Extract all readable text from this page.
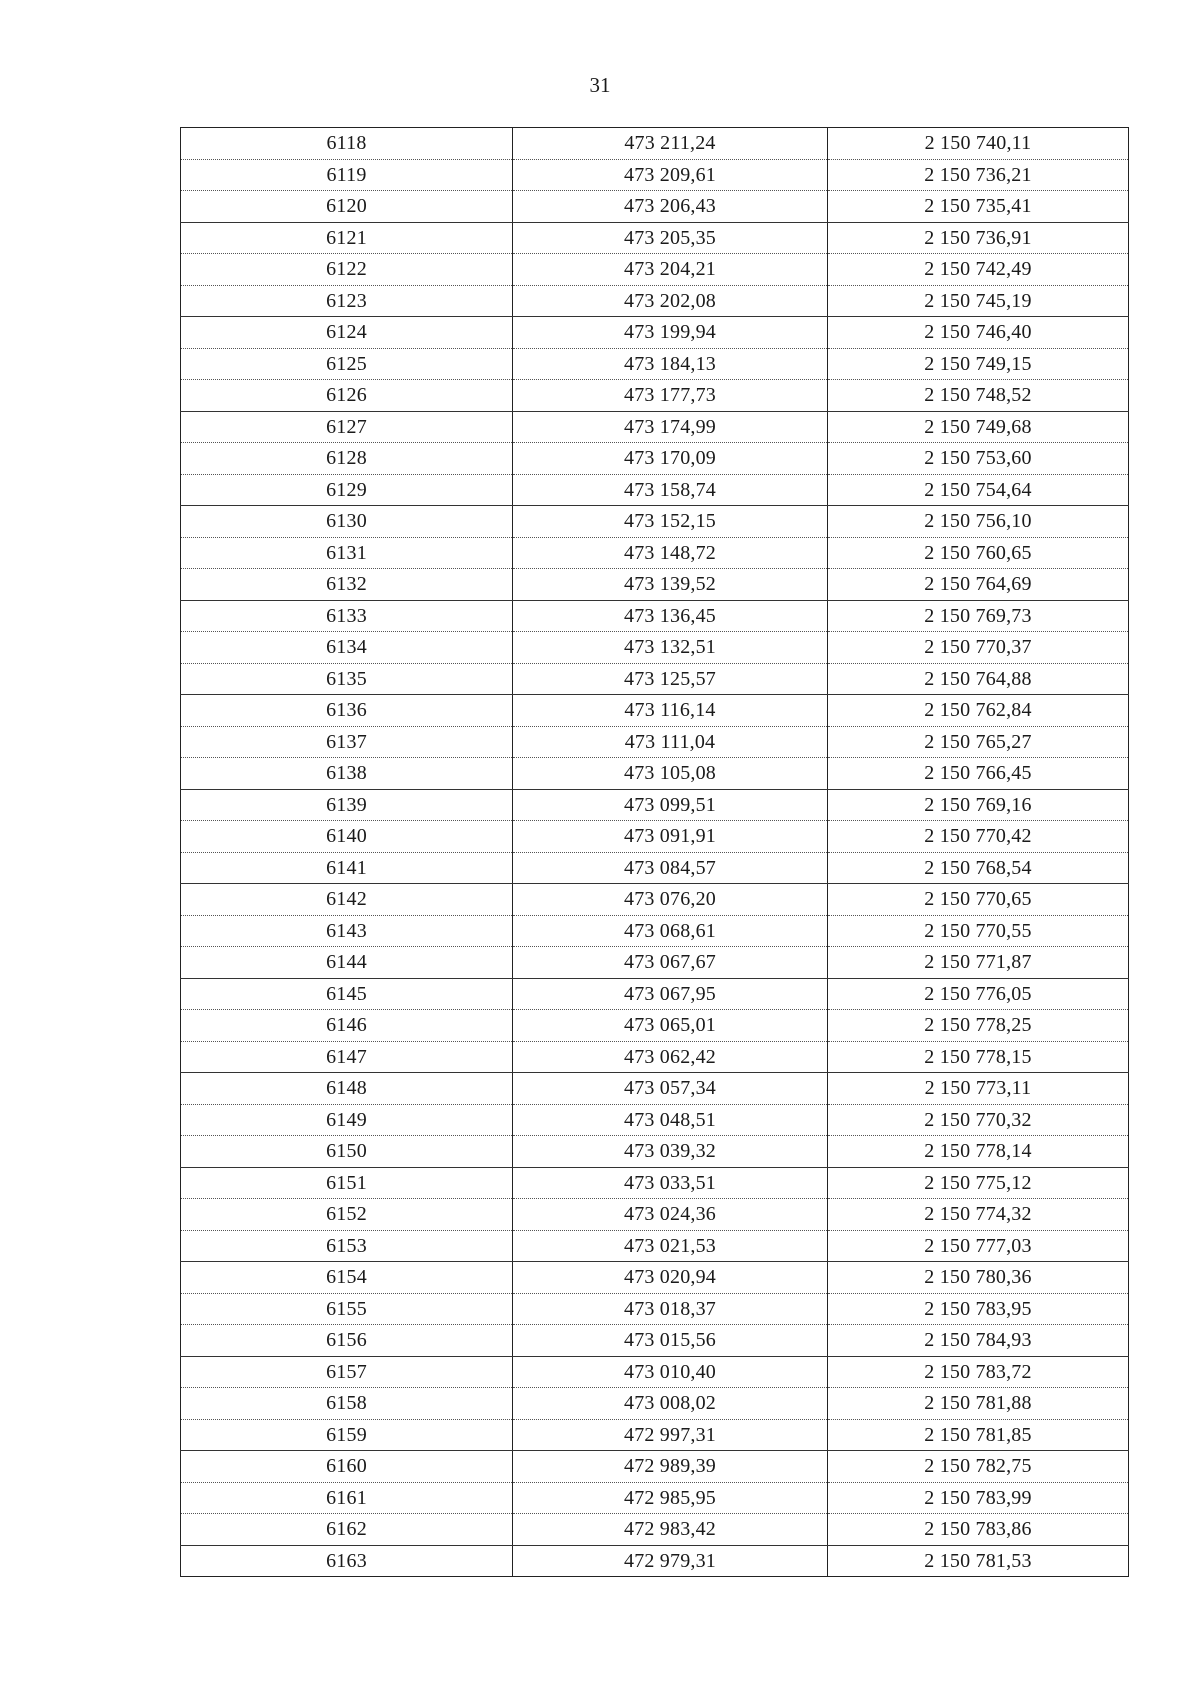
31
6118	473 211,24	2 150 740,11
6119	473 209,61	2 150 736,21
6120	473 206,43	2 150 735,41
6121	473 205,35	2 150 736,91
6122	473 204,21	2 150 742,49
6123	473 202,08	2 150 745,19
6124	473 199,94	2 150 746,40
6125	473 184,13	2 150 749,15
6126	473 177,73	2 150 748,52
6127	473 174,99	2 150 749,68
6128	473 170,09	2 150 753,60
6129	473 158,74	2 150 754,64
6130	473 152,15	2 150 756,10
6131	473 148,72	2 150 760,65
6132	473 139,52	2 150 764,69
6133	473 136,45	2 150 769,73
6134	473 132,51	2 150 770,37
6135	473 125,57	2 150 764,88
6136	473 116,14	2 150 762,84
6137	473 111,04	2 150 765,27
6138	473 105,08	2 150 766,45
6139	473 099,51	2 150 769,16
6140	473 091,91	2 150 770,42
6141	473 084,57	2 150 768,54
6142	473 076,20	2 150 770,65
6143	473 068,61	2 150 770,55
6144	473 067,67	2 150 771,87
6145	473 067,95	2 150 776,05
6146	473 065,01	2 150 778,25
6147	473 062,42	2 150 778,15
6148	473 057,34	2 150 773,11
6149	473 048,51	2 150 770,32
6150	473 039,32	2 150 778,14
6151	473 033,51	2 150 775,12
6152	473 024,36	2 150 774,32
6153	473 021,53	2 150 777,03
6154	473 020,94	2 150 780,36
6155	473 018,37	2 150 783,95
6156	473 015,56	2 150 784,93
6157	473 010,40	2 150 783,72
6158	473 008,02	2 150 781,88
6159	472 997,31	2 150 781,85
6160	472 989,39	2 150 782,75
6161	472 985,95	2 150 783,99
6162	472 983,42	2 150 783,86
6163	472 979,31	2 150 781,53
